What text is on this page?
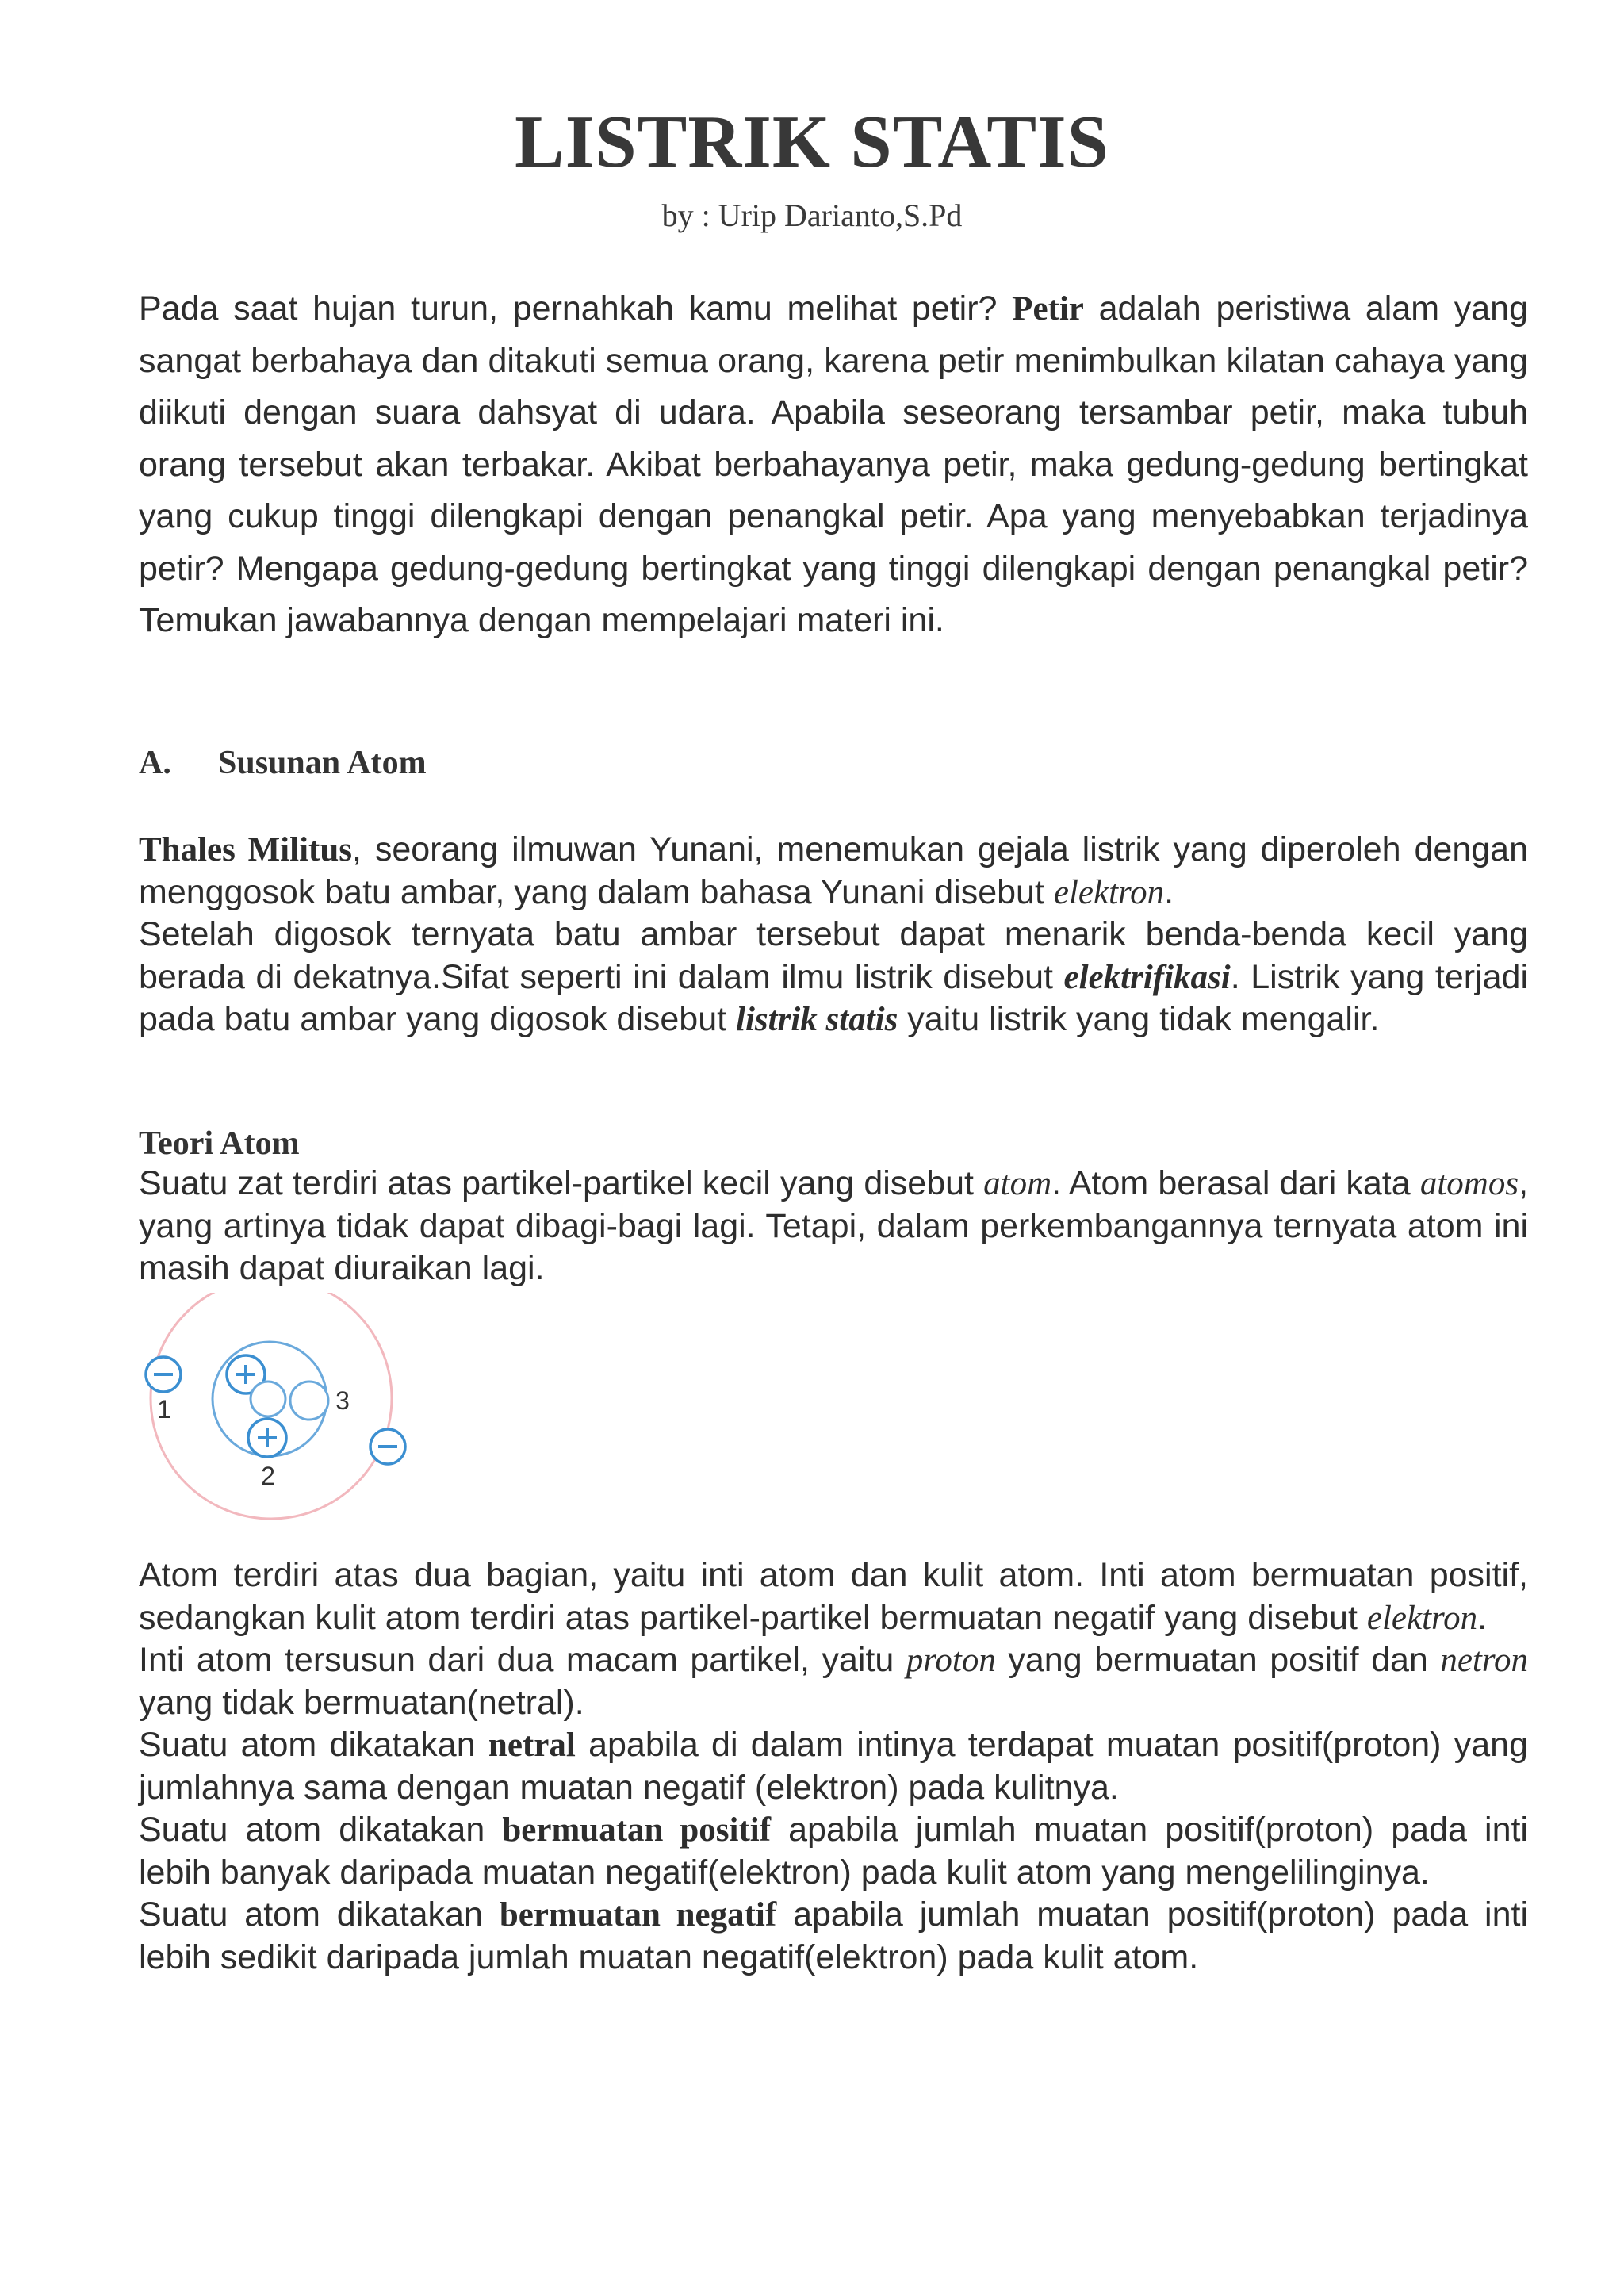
LISTRIK STATIS

by : Urip Darianto,S.Pd

Pada saat hujan turun, pernahkah kamu melihat petir? Petir adalah peristiwa alam yang sangat berbahaya dan ditakuti semua orang, karena petir menimbulkan kilatan cahaya yang diikuti dengan suara dahsyat di udara. Apabila seseorang tersambar petir, maka tubuh orang tersebut akan terbakar. Akibat berbahayanya petir, maka gedung-gedung bertingkat yang cukup tinggi dilengkapi dengan penangkal petir. Apa yang menyebabkan terjadinya petir? Mengapa gedung-gedung bertingkat yang tinggi dilengkapi dengan penangkal petir? Temukan jawabannya dengan mempelajari materi ini.

A. Susunan Atom
Thales Militus, seorang ilmuwan Yunani, menemukan gejala listrik yang diperoleh dengan menggosok batu ambar, yang dalam bahasa Yunani disebut elektron.
Setelah digosok ternyata batu ambar tersebut dapat menarik benda-benda kecil yang berada di dekatnya.Sifat seperti ini dalam ilmu listrik disebut elektrifikasi. Listrik yang terjadi pada batu ambar yang digosok disebut listrik statis yaitu listrik yang tidak mengalir.
Teori Atom

Suatu zat terdiri atas partikel-partikel kecil yang disebut atom. Atom berasal dari kata atomos, yang artinya tidak dapat dibagi-bagi lagi. Tetapi, dalam perkembangannya ternyata atom ini masih dapat diuraikan lagi.

1
2
3
Atom terdiri atas dua bagian, yaitu inti atom dan kulit atom. Inti atom bermuatan positif, sedangkan kulit atom terdiri atas partikel-partikel bermuatan negatif yang disebut elektron.
Inti atom tersusun dari dua macam partikel, yaitu proton yang bermuatan positif dan netron yang tidak bermuatan(netral).
Suatu atom dikatakan netral apabila di dalam intinya terdapat muatan positif(proton) yang jumlahnya sama dengan muatan negatif (elektron) pada kulitnya.
Suatu atom dikatakan bermuatan positif apabila jumlah muatan positif(proton) pada inti lebih banyak daripada muatan negatif(elektron) pada kulit atom yang mengelilinginya.
Suatu atom dikatakan bermuatan negatif apabila jumlah muatan positif(proton) pada inti lebih sedikit daripada jumlah muatan negatif(elektron) pada kulit atom.
